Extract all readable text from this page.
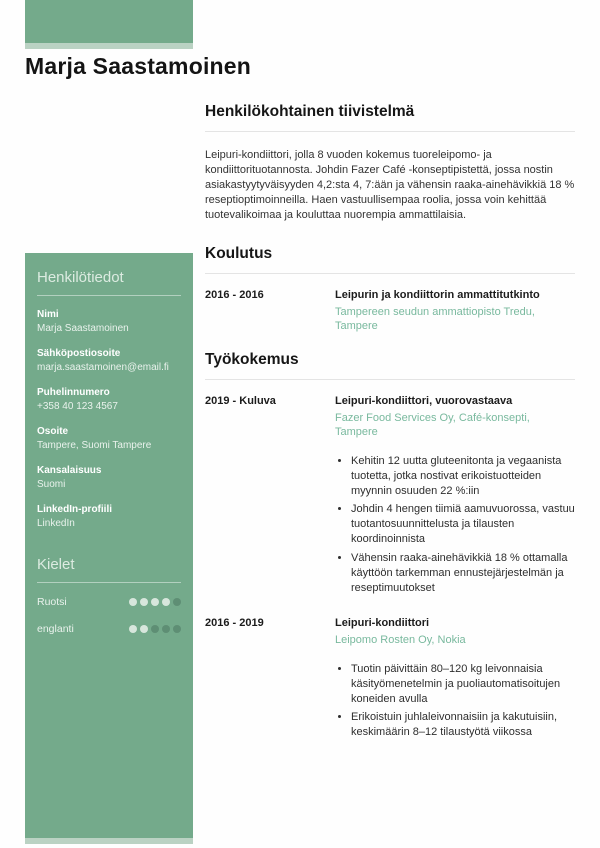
Marja Saastamoinen
Henkilötiedot
Nimi
Marja Saastamoinen
Sähköpostiosoite
marja.saastamoinen@email.fi
Puhelinnumero
+358 40 123 4567
Osoite
Tampere, Suomi Tampere
Kansalaisuus
Suomi
LinkedIn-profiili
LinkedIn
Kielet
Ruotsi
englanti
Henkilökohtainen tiivistelmä

Leipuri-kondiittori, jolla 8 vuoden kokemus tuoreleipomo- ja kondiittorituotannosta. Johdin Fazer Café -konseptipistettä, jossa nostin asiakastyytyväisyyden 4,2:sta 4, 7:ään ja vähensin raaka-ainehävikkiä 18 % reseptioptimoinneilla. Haen vastuullisempaa roolia, jossa voin kehittää tuotevalikoimaa ja kouluttaa nuorempia ammattilaisia.

Koulutus
2016 - 2016	Leipurin ja kondiittorin ammattitutkinto
Tampereen seudun ammattiopisto Tredu, Tampere
Työkokemus
2019 - Kuluva	Leipuri-kondiittori, vuorovastaava
Fazer Food Services Oy, Café-konsepti, Tampere
• Kehitin 12 uutta gluteenitonta ja vegaanista tuotetta, jotka nostivat erikoistuotteiden myynnin osuuden 22 %:iin
• Johdin 4 hengen tiimiä aamuvuorossa, vastuu tuotantosuunnittelusta ja tilausten koordinoinnista
• Vähensin raaka-ainehävikkiä 18 % ottamalla käyttöön tarkemman ennustejärjestelmän ja reseptimuutokset
2016 - 2019	Leipuri-kondiittori
Leipomo Rosten Oy, Nokia
• Tuotin päivittäin 80–120 kg leivonnaisia käsityömenetelmin ja puoliautomatisoitujen koneiden avulla
• Erikoistuin juhlaleivonnaisiin ja kakutuisiin, keskimäärin 8–12 tilaustyötä viikossa
